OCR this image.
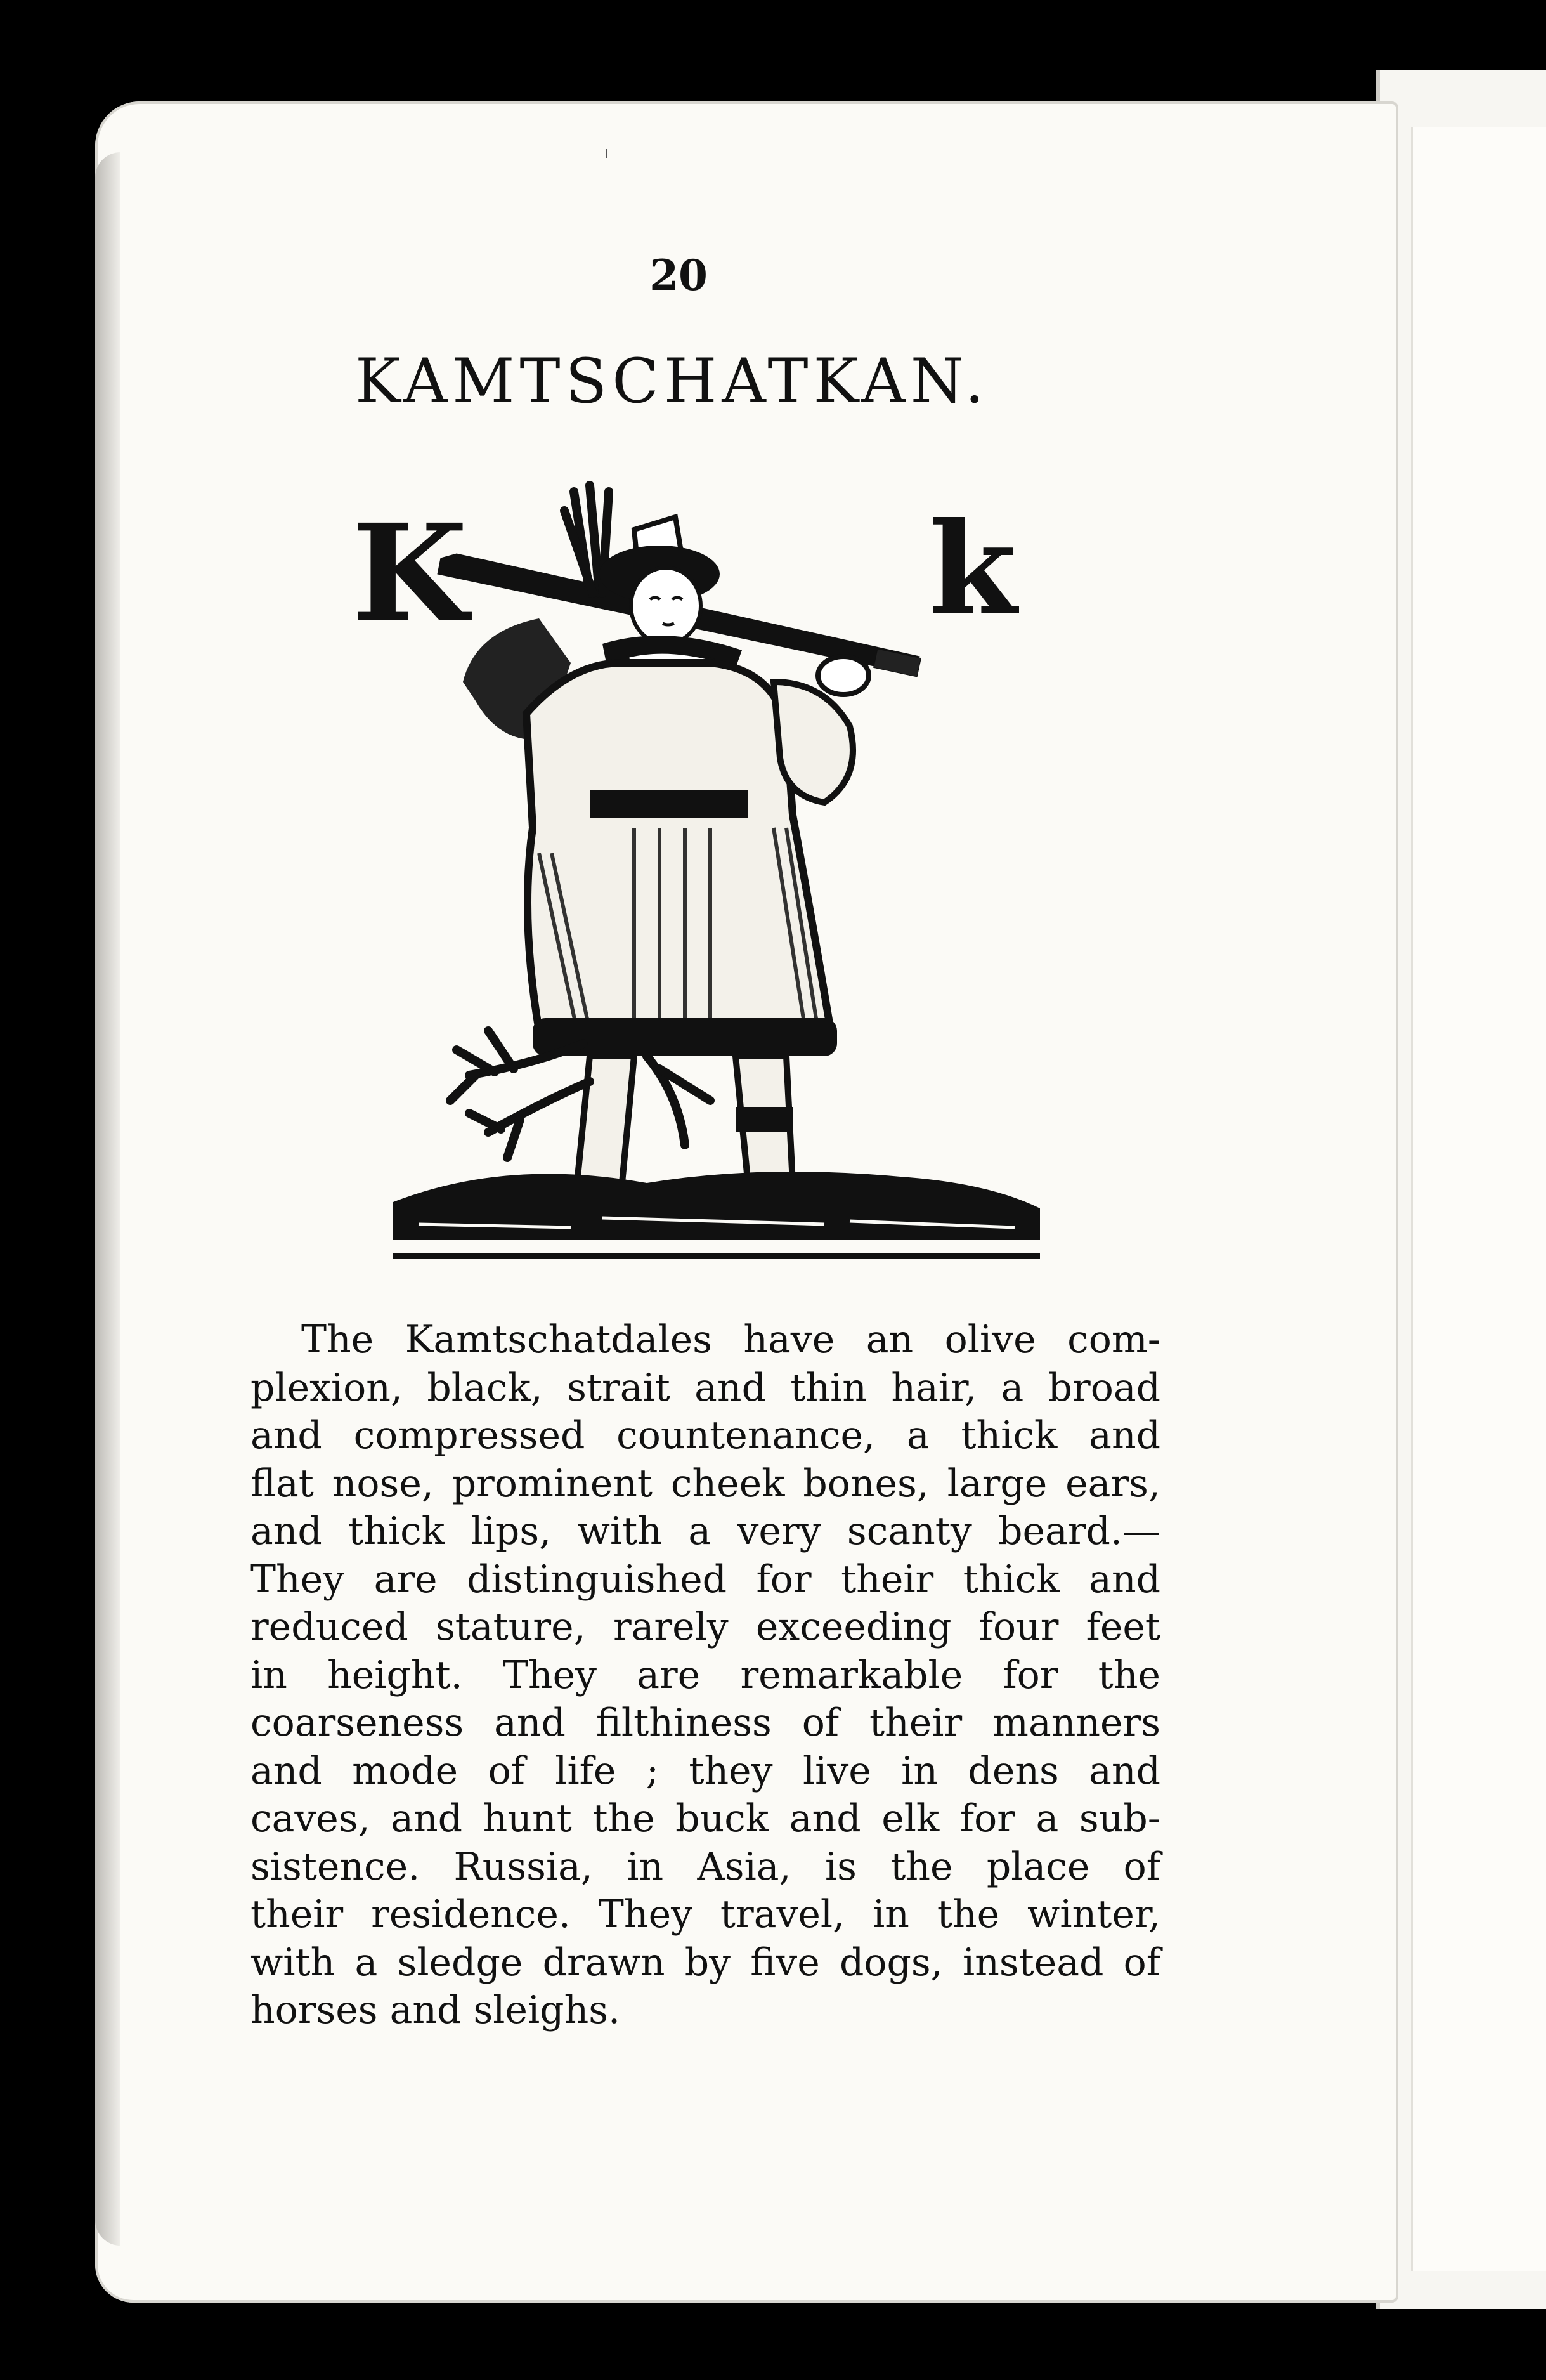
20
KAMTSCHATKAN.
K	k
The Kamtschatdales have an olive com-
plexion, black, strait and thin hair, a broad
and compressed countenance, a thick and
flat nose, prominent cheek bones, large ears,
and thick lips, with a very scanty beard.—
They are distinguished for their thick and
reduced stature, rarely exceeding four feet
in height. They are remarkable for the
coarseness and filthiness of their manners
and mode of life ; they live in dens and
caves, and hunt the buck and elk for a sub-
sistence. Russia, in Asia, is the place of
their residence. They travel, in the winter,
with a sledge drawn by five dogs, instead of
horses and sleighs.
